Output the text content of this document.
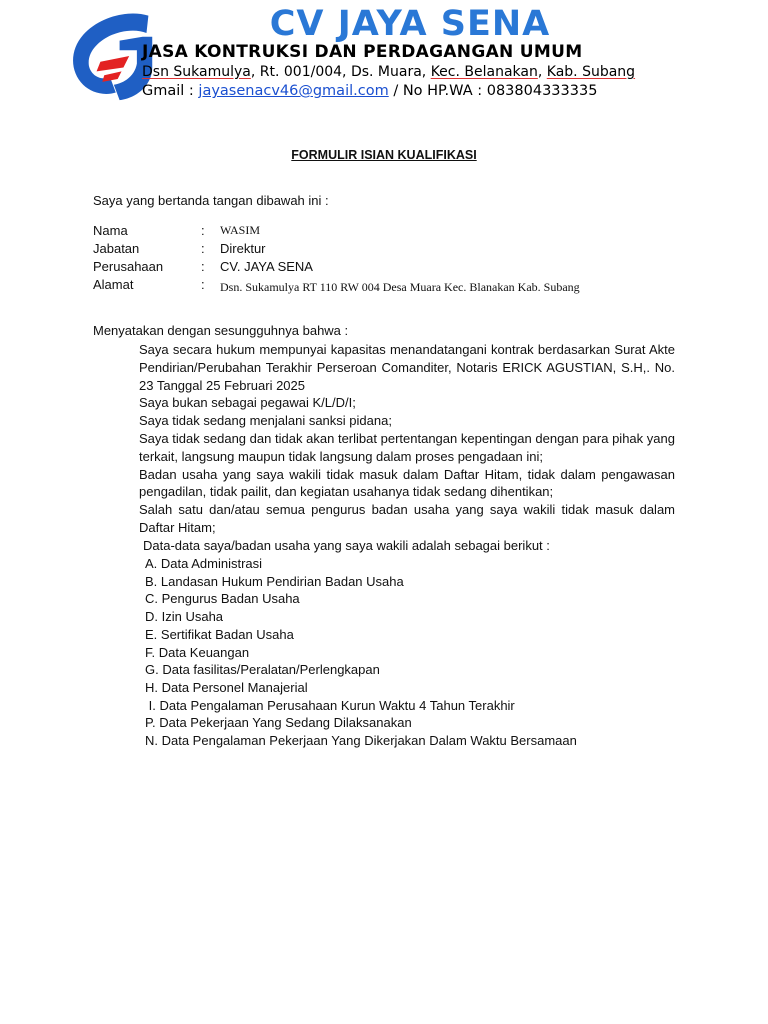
CV JAYA SENA
JASA KONTRUKSI DAN PERDAGANGAN UMUM
Dsn Sukamulya, Rt. 001/004, Ds. Muara, Kec. Belanakan, Kab. Subang
Gmail : jayasenacv46@gmail.com / No HP.WA : 083804333335
FORMULIR ISIAN KUALIFIKASI
Saya yang bertanda tangan dibawah ini :
Nama	: WASIM
Jabatan	: Direktur
Perusahaan	: CV. JAYA SENA
Alamat	: Dsn. Sukamulya RT 110 RW 004 Desa Muara Kec. Blanakan Kab. Subang
Menyatakan dengan sesungguhnya bahwa :

Saya secara hukum mempunyai kapasitas menandatangani kontrak berdasarkan Surat Akte Pendirian/Perubahan Terakhir Perseroan Comanditer, Notaris ERICK AGUSTIAN, S.H,. No. 23 Tanggal 25 Februari 2025

Saya bukan sebagai pegawai K/L/D/I;

Saya tidak sedang menjalani sanksi pidana;

Saya tidak sedang dan tidak akan terlibat pertentangan kepentingan dengan para pihak yang terkait, langsung maupun tidak langsung dalam proses pengadaan ini;

Badan usaha yang saya wakili tidak masuk dalam Daftar Hitam, tidak dalam pengawasan pengadilan, tidak pailit, dan kegiatan usahanya tidak sedang dihentikan;

Salah satu dan/atau semua pengurus badan usaha yang saya wakili tidak masuk dalam Daftar Hitam;

Data-data saya/badan usaha yang saya wakili adalah sebagai berikut :

A. Data Administrasi
B. Landasan Hukum Pendirian Badan Usaha
C. Pengurus Badan Usaha
D. Izin Usaha
E. Sertifikat Badan Usaha
F. Data Keuangan
G. Data fasilitas/Peralatan/Perlengkapan
H. Data Personel Manajerial
I. Data Pengalaman Perusahaan Kurun Waktu 4 Tahun Terakhir
P. Data Pekerjaan Yang Sedang Dilaksanakan
N. Data Pengalaman Pekerjaan Yang Dikerjakan Dalam Waktu Bersamaan
